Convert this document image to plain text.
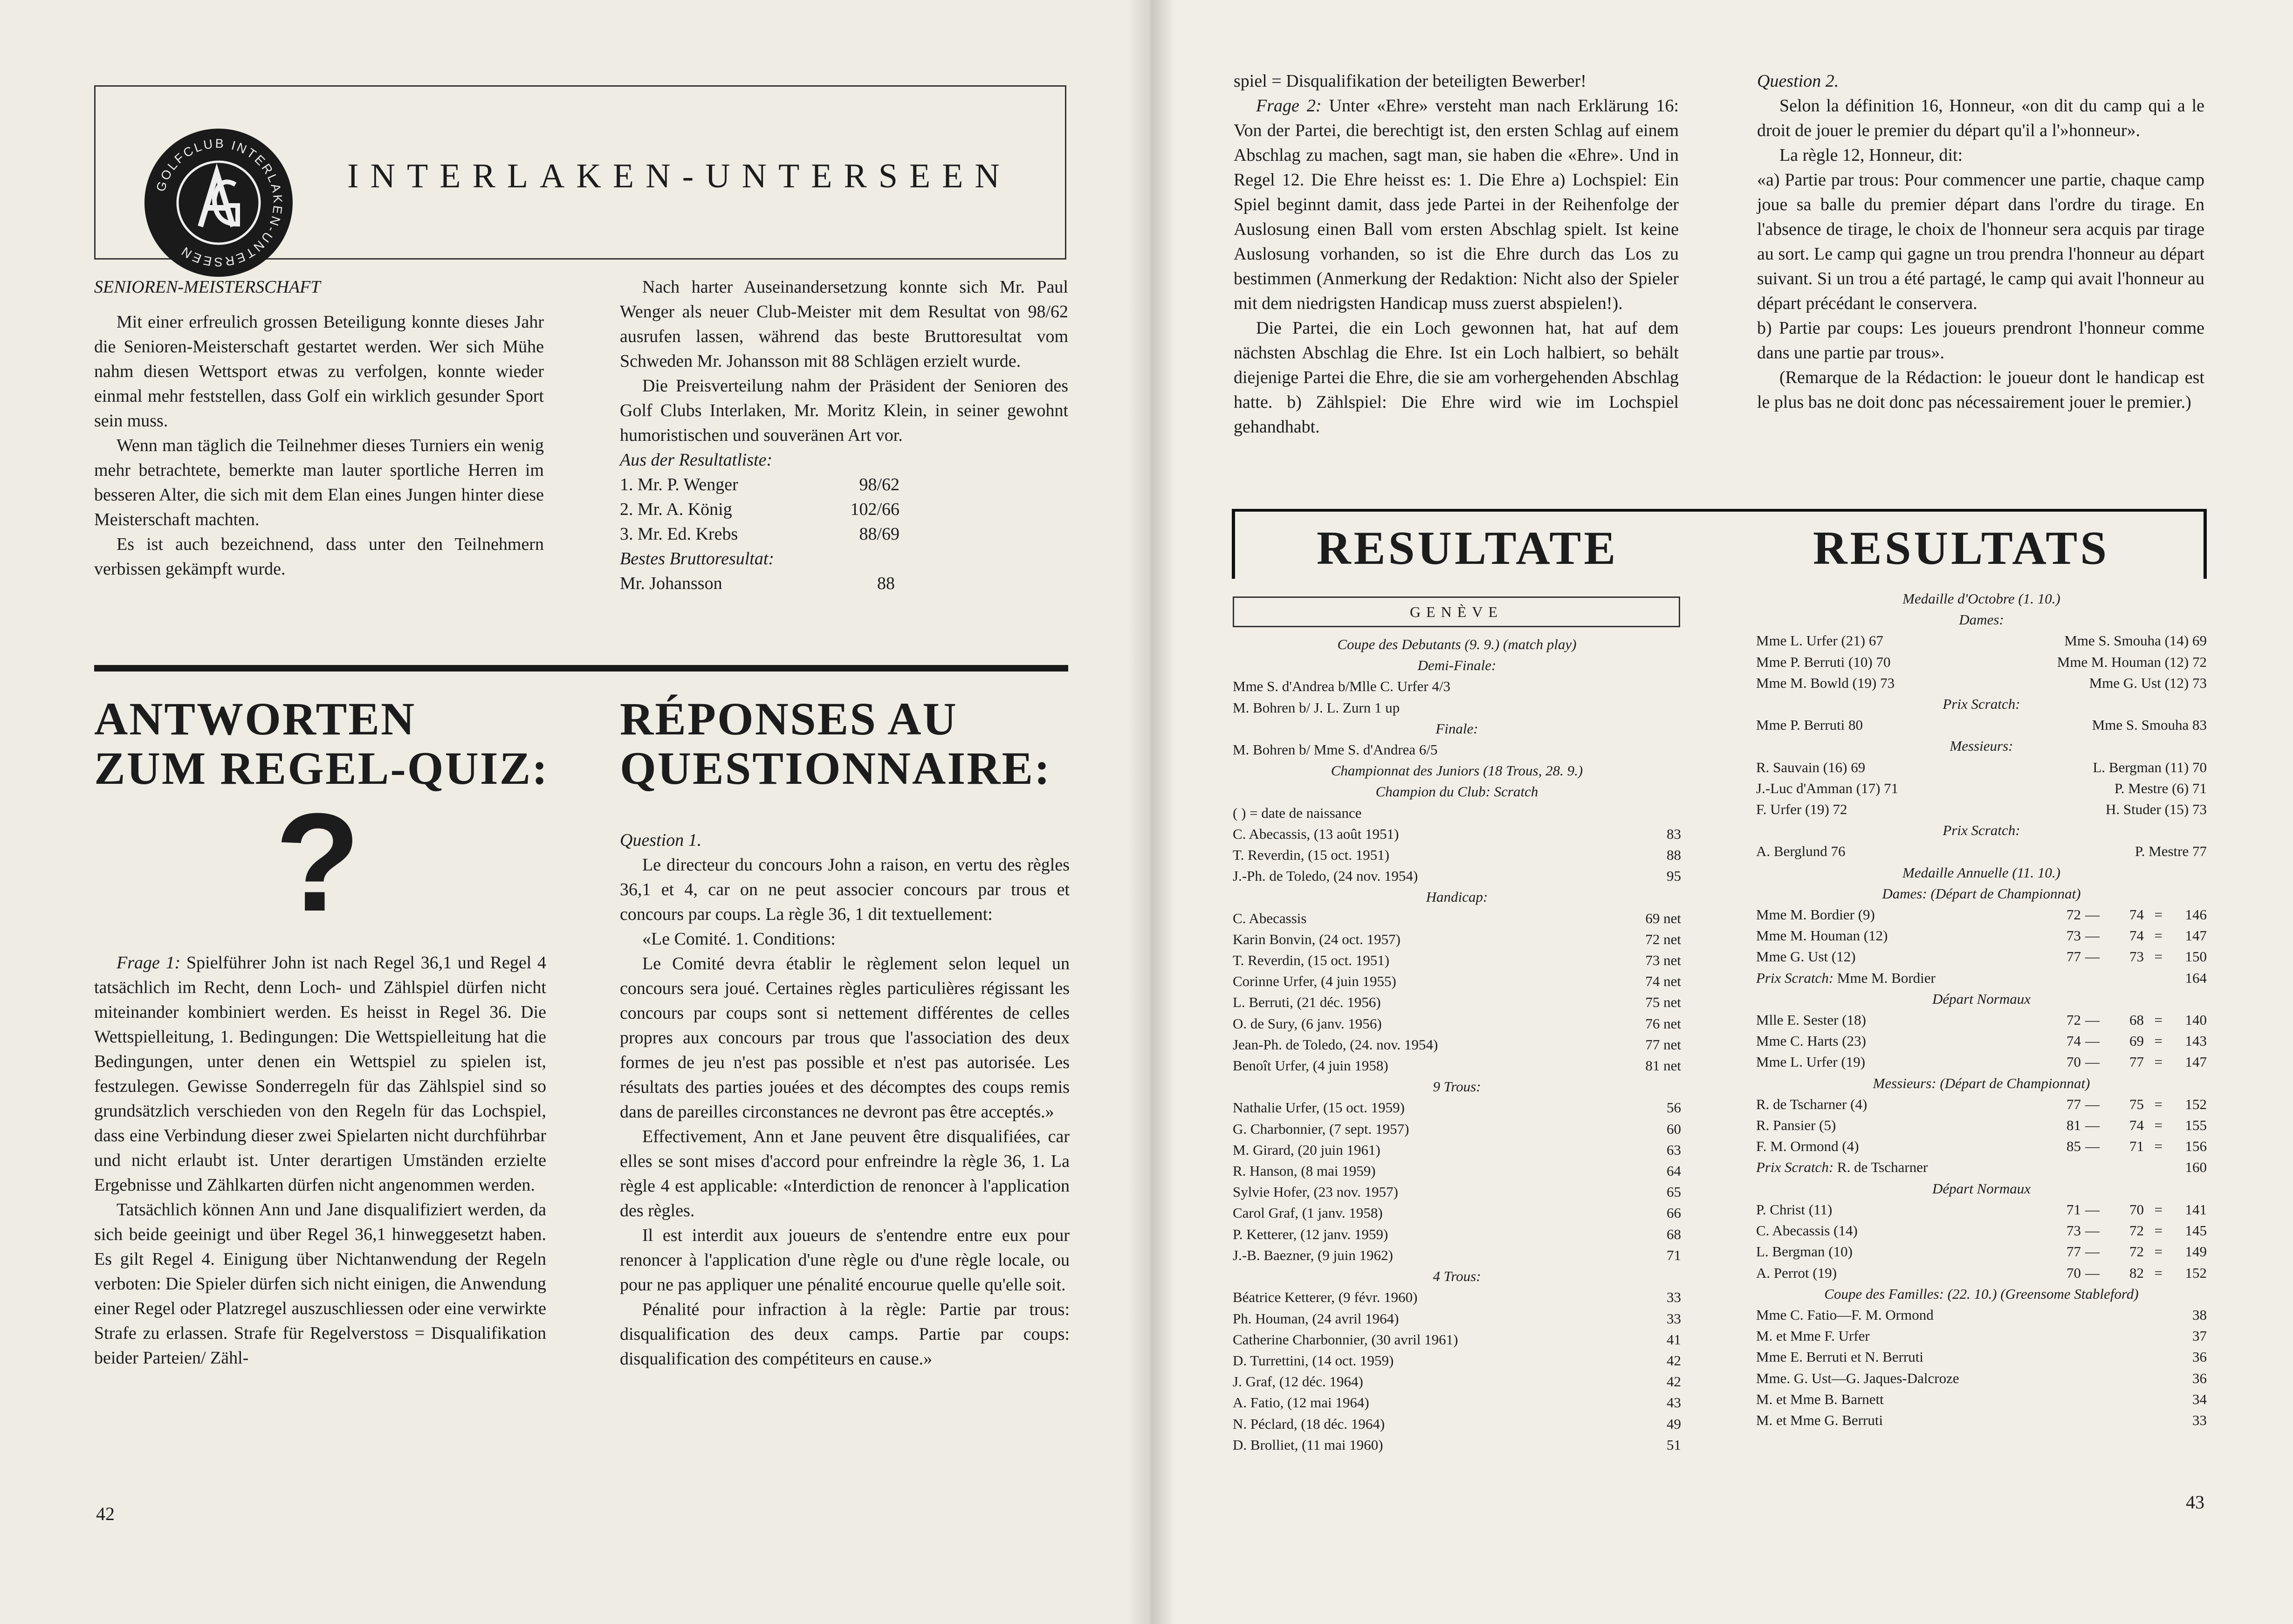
GOLFCLUB INTERLAKEN-UNTERSEEN
INTERLAKEN-UNTERSEEN

SENIOREN-MEISTERSCHAFT

Mit einer erfreulich grossen Beteiligung konnte dieses Jahr die Senioren-Meisterschaft gestartet werden. Wer sich Mühe nahm diesen Wettsport etwas zu verfolgen, konnte wieder einmal mehr feststellen, dass Golf ein wirklich gesunder Sport sein muss.

Wenn man täglich die Teilnehmer dieses Turniers ein wenig mehr betrachtete, bemerkte man lauter sportliche Herren im besseren Alter, die sich mit dem Elan eines Jungen hinter diese Meisterschaft machten.

Es ist auch bezeichnend, dass unter den Teilnehmern verbissen gekämpft wurde.

Nach harter Auseinandersetzung konnte sich Mr. Paul Wenger als neuer Club-Meister mit dem Resultat von 98/62 ausrufen lassen, während das beste Bruttoresultat vom Schweden Mr. Johansson mit 88 Schlägen erzielt wurde.

Die Preisverteilung nahm der Präsident der Senioren des Golf Clubs Interlaken, Mr. Moritz Klein, in seiner gewohnt humoristischen und souveränen Art vor.

Aus der Resultatliste:

1. Mr. P. Wenger	98/62
2. Mr. A. König	102/66
3. Mr. Ed. Krebs	88/69

Bestes Bruttoresultat:

Mr. Johansson	88
ANTWORTEN
ZUM REGEL-QUIZ:
RÉPONSES AU
QUESTIONNAIRE:
?

Frage 1: Spielführer John ist nach Regel 36,1 und Regel 4 tatsächlich im Recht, denn Loch- und Zählspiel dürfen nicht miteinander kombiniert werden. Es heisst in Regel 36. Die Wettspielleitung, 1. Bedingungen: Die Wettspielleitung hat die Bedingungen, unter denen ein Wettspiel zu spielen ist, festzulegen. Gewisse Sonderregeln für das Zählspiel sind so grundsätzlich verschieden von den Regeln für das Lochspiel, dass eine Verbindung dieser zwei Spielarten nicht durchführbar und nicht erlaubt ist. Unter derartigen Umständen erzielte Ergebnisse und Zählkarten dürfen nicht angenommen werden.

Tatsächlich können Ann und Jane disqualifiziert werden, da sich beide geeinigt und über Regel 36,1 hinweggesetzt haben. Es gilt Regel 4. Einigung über Nichtanwendung der Regeln verboten: Die Spieler dürfen sich nicht einigen, die Anwendung einer Regel oder Platzregel auszuschliessen oder eine verwirkte Strafe zu erlassen. Strafe für Regelverstoss = Disqualifikation beider Parteien/ Zähl-

Question 1.

Le directeur du concours John a raison, en vertu des règles 36,1 et 4, car on ne peut associer concours par trous et concours par coups. La règle 36, 1 dit textuellement:

«Le Comité. 1. Conditions:

Le Comité devra établir le règlement selon lequel un concours sera joué. Certaines règles particulières régissant les concours par coups sont si nettement différentes de celles propres aux concours par trous que l'association des deux formes de jeu n'est pas possible et n'est pas autorisée. Les résultats des parties jouées et des décomptes des coups remis dans de pareilles circonstances ne devront pas être acceptés.»

Effectivement, Ann et Jane peuvent être disqualifiées, car elles se sont mises d'accord pour enfreindre la règle 36, 1. La règle 4 est applicable: «Interdiction de renoncer à l'application des règles.

Il est interdit aux joueurs de s'entendre entre eux pour renoncer à l'application d'une règle ou d'une règle locale, ou pour ne pas appliquer une pénalité encourue quelle qu'elle soit.

Pénalité pour infraction à la règle: Partie par trous: disqualification des deux camps. Partie par coups: disqualification des compétiteurs en cause.»

42

spiel = Disqualifikation der beteiligten Bewerber!

Frage 2: Unter «Ehre» versteht man nach Erklärung 16: Von der Partei, die berechtigt ist, den ersten Schlag auf einem Abschlag zu machen, sagt man, sie haben die «Ehre». Und in Regel 12. Die Ehre heisst es: 1. Die Ehre a) Lochspiel: Ein Spiel beginnt damit, dass jede Partei in der Reihenfolge der Auslosung einen Ball vom ersten Abschlag spielt. Ist keine Auslosung vorhanden, so ist die Ehre durch das Los zu bestimmen (Anmerkung der Redaktion: Nicht also der Spieler mit dem niedrigsten Handicap muss zuerst abspielen!).

Die Partei, die ein Loch gewonnen hat, hat auf dem nächsten Abschlag die Ehre. Ist ein Loch halbiert, so behält diejenige Partei die Ehre, die sie am vorhergehenden Abschlag hatte. b) Zählspiel: Die Ehre wird wie im Lochspiel gehandhabt.

Question 2.

Selon la définition 16, Honneur, «on dit du camp qui a le droit de jouer le premier du départ qu'il a l'»honneur».

La règle 12, Honneur, dit:

«a) Partie par trous: Pour commencer une partie, chaque camp joue sa balle du premier départ dans l'ordre du tirage. En l'absence de tirage, le choix de l'honneur sera acquis par tirage au sort. Le camp qui gagne un trou prendra l'honneur au départ suivant. Si un trou a été partagé, le camp qui avait l'honneur au départ précédant le conservera.

b) Partie par coups: Les joueurs prendront l'honneur comme dans une partie par trous».

(Remarque de la Rédaction: le joueur dont le handicap est le plus bas ne doit donc pas nécessairement jouer le premier.)

RESULTATE	RESULTATS
GENÈVE
Coupe des Debutants (9. 9.) (match play)
Demi-Finale:
Mme S. d'Andrea b/Mlle C. Urfer 4/3
M. Bohren b/ J. L. Zurn 1 up
Finale:
M. Bohren b/ Mme S. d'Andrea 6/5
Championnat des Juniors (18 Trous, 28. 9.)
Champion du Club: Scratch
( ) = date de naissance
C. Abecassis, (13 août 1951)	83
T. Reverdin, (15 oct. 1951)	88
J.-Ph. de Toledo, (24 nov. 1954)	95
Handicap:
C. Abecassis	69 net
Karin Bonvin, (24 oct. 1957)	72 net
T. Reverdin, (15 oct. 1951)	73 net
Corinne Urfer, (4 juin 1955)	74 net
L. Berruti, (21 déc. 1956)	75 net
O. de Sury, (6 janv. 1956)	76 net
Jean-Ph. de Toledo, (24. nov. 1954)	77 net
Benoît Urfer, (4 juin 1958)	81 net
9 Trous:
Nathalie Urfer, (15 oct. 1959)	56
G. Charbonnier, (7 sept. 1957)	60
M. Girard, (20 juin 1961)	63
R. Hanson, (8 mai 1959)	64
Sylvie Hofer, (23 nov. 1957)	65
Carol Graf, (1 janv. 1958)	66
P. Ketterer, (12 janv. 1959)	68
J.-B. Baezner, (9 juin 1962)	71
4 Trous:
Béatrice Ketterer, (9 févr. 1960)	33
Ph. Houman, (24 avril 1964)	33
Catherine Charbonnier, (30 avril 1961)	41
D. Turrettini, (14 oct. 1959)	42
J. Graf, (12 déc. 1964)	42
A. Fatio, (12 mai 1964)	43
N. Péclard, (18 déc. 1964)	49
D. Brolliet, (11 mai 1960)	51
Medaille d'Octobre (1. 10.)
Dames:
Mme L. Urfer (21) 67	Mme S. Smouha (14) 69
Mme P. Berruti (10) 70	Mme M. Houman (12) 72
Mme M. Bowld (19) 73	Mme G. Ust (12) 73
Prix Scratch:
Mme P. Berruti 80	Mme S. Smouha 83
Messieurs:
R. Sauvain (16) 69	L. Bergman (11) 70
J.-Luc d'Amman (17) 71	P. Mestre (6) 71
F. Urfer (19) 72	H. Studer (15) 73
Prix Scratch:
A. Berglund 76	P. Mestre 77
Medaille Annuelle (11. 10.)
Dames: (Départ de Championnat)
Mme M. Bordier (9)	72 —	74 =	146
Mme M. Houman (12)	73 —	74 =	147
Mme G. Ust (12)	77 —	73 =	150
Prix Scratch: Mme M. Bordier	164
Départ Normaux
Mlle E. Sester (18)	72 —	68 =	140
Mme C. Harts (23)	74 —	69 =	143
Mme L. Urfer (19)	70 —	77 =	147
Messieurs: (Départ de Championnat)
R. de Tscharner (4)	77 —	75 =	152
R. Pansier (5)	81 —	74 =	155
F. M. Ormond (4)	85 —	71 =	156
Prix Scratch: R. de Tscharner	160
Départ Normaux
P. Christ (11)	71 —	70 =	141
C. Abecassis (14)	73 —	72 =	145
L. Bergman (10)	77 —	72 =	149
A. Perrot (19)	70 —	82 =	152
Coupe des Familles: (22. 10.) (Greensome Stableford)
Mme C. Fatio—F. M. Ormond	38
M. et Mme F. Urfer	37
Mme E. Berruti et N. Berruti	36
Mme. G. Ust—G. Jaques-Dalcroze	36
M. et Mme B. Barnett	34
M. et Mme G. Berruti	33
43
